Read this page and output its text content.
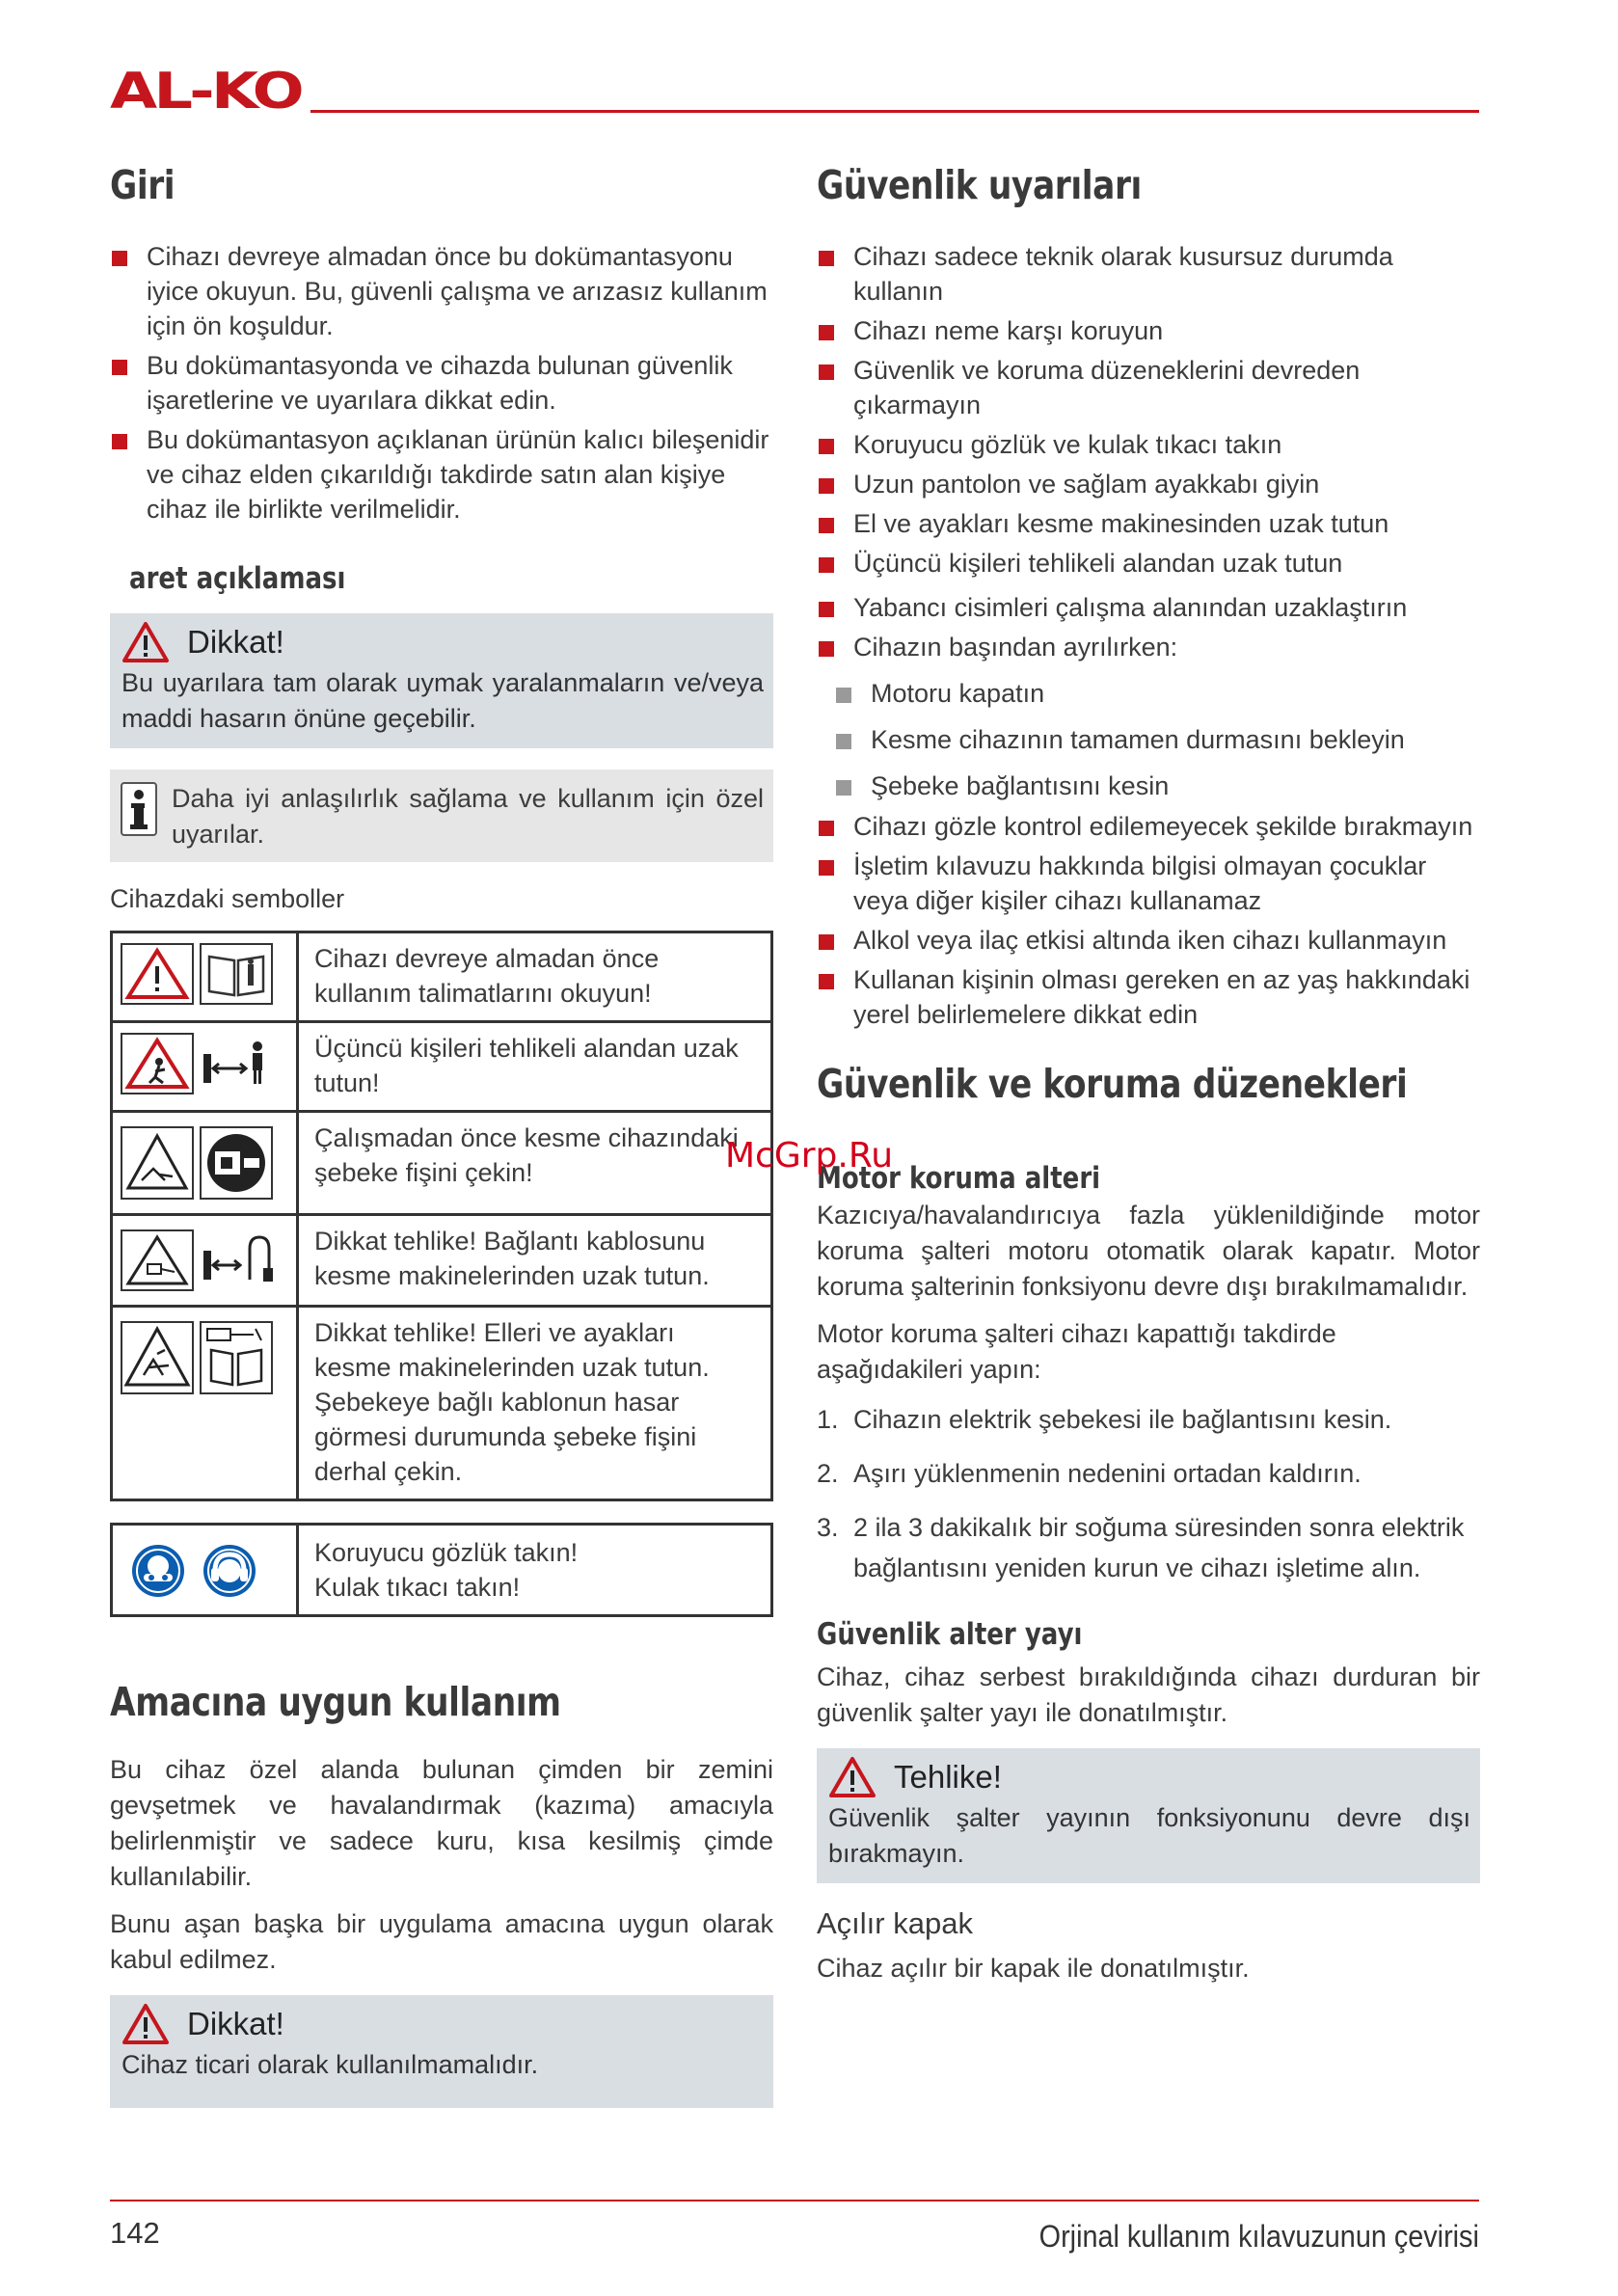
AL-KO
Giri
Cihazı devreye almadan önce bu dokümantasyonu iyice okuyun. Bu, güvenli çalışma ve arızasız kullanım için ön koşuldur.
Bu dokümantasyonda ve cihazda bulunan güvenlik işaretlerine ve uyarılara dikkat edin.
Bu dokümantasyon açıklanan ürünün kalıcı bileşenidir ve cihaz elden çıkarıldığı takdirde satın alan kişiye cihaz ile birlikte verilmelidir.
aret açıklaması
Dikkat!
Bu uyarılara tam olarak uymak yaralanmaların ve/veya maddi hasarın önüne geçebilir.
Daha iyi anlaşılırlık sağlama ve kullanım için özel uyarılar.
Cihazdaki semboller
	Cihazı devreye almadan önce kullanım talimatlarını okuyun!

	Üçüncü kişileri tehlikeli alandan uzak tutun!

	Çalışmadan önce kesme cihazındaki şebeke fişini çekin!

	Dikkat tehlike! Bağlantı kablosunu kesme makinelerinden uzak tutun.

	Dikkat tehlike! Elleri ve ayakları kesme makinelerinden uzak tutun. Şebekeye bağlı kablonun hasar görmesi durumunda şebeke fişini derhal çekin.

Koruyucu gözlük takın!
Kulak tıkacı takın!
Amacına uygun kullanım
Bu cihaz özel alanda bulunan çimden bir zemini gevşetmek ve havalandırmak (kazıma) amacıyla belirlenmiştir ve sadece kuru, kısa kesilmiş çimde kullanılabilir.
Bunu aşan başka bir uygulama amacına uygun olarak kabul edilmez.
Dikkat!
Cihaz ticari olarak kullanılmamalıdır.
Güvenlik uyarıları
Cihazı sadece teknik olarak kusursuz durumda kullanın
Cihazı neme karşı koruyun
Güvenlik ve koruma düzeneklerini devreden çıkarmayın
Koruyucu gözlük ve kulak tıkacı takın
Uzun pantolon ve sağlam ayakkabı giyin
El ve ayakları kesme makinesinden uzak tutun
Üçüncü kişileri tehlikeli alandan uzak tutun
Yabancı cisimleri çalışma alanından uzaklaştırın
Cihazın başından ayrılırken:
Motoru kapatın
Kesme cihazının tamamen durmasını bekleyin
Şebeke bağlantısını kesin
Cihazı gözle kontrol edilemeyecek şekilde bırakmayın
İşletim kılavuzu hakkında bilgisi olmayan çocuklar veya diğer kişiler cihazı kullanamaz
Alkol veya ilaç etkisi altında iken cihazı kullanmayın
Kullanan kişinin olması gereken en az yaş hakkındaki yerel belirlemelere dikkat edin
Güvenlik ve koruma düzenekleri
Motor koruma alteri
Kazıcıya/havalandırıcıya fazla yüklenildiğinde motor koruma şalteri motoru otomatik olarak kapatır. Motor koruma şalterinin fonksiyonu devre dışı bırakılmamalıdır.
Motor koruma şalteri cihazı kapattığı takdirde aşağıdakileri yapın:
1. Cihazın elektrik şebekesi ile bağlantısını kesin.
2. Aşırı yüklenmenin nedenini ortadan kaldırın.
3. 2 ila 3 dakikalık bir soğuma süresinden sonra elektrik bağlantısını yeniden kurun ve cihazı işletime alın.
Güvenlik alter yayı
Cihaz, cihaz serbest bırakıldığında cihazı durduran bir güvenlik şalter yayı ile donatılmıştır.
Tehlike!
Güvenlik şalter yayının fonksiyonunu devre dışı bırakmayın.
Açılır kapak
Cihaz açılır bir kapak ile donatılmıştır.
McGrp.Ru
142	Orjinal kullanım kılavuzunun çevirisi
